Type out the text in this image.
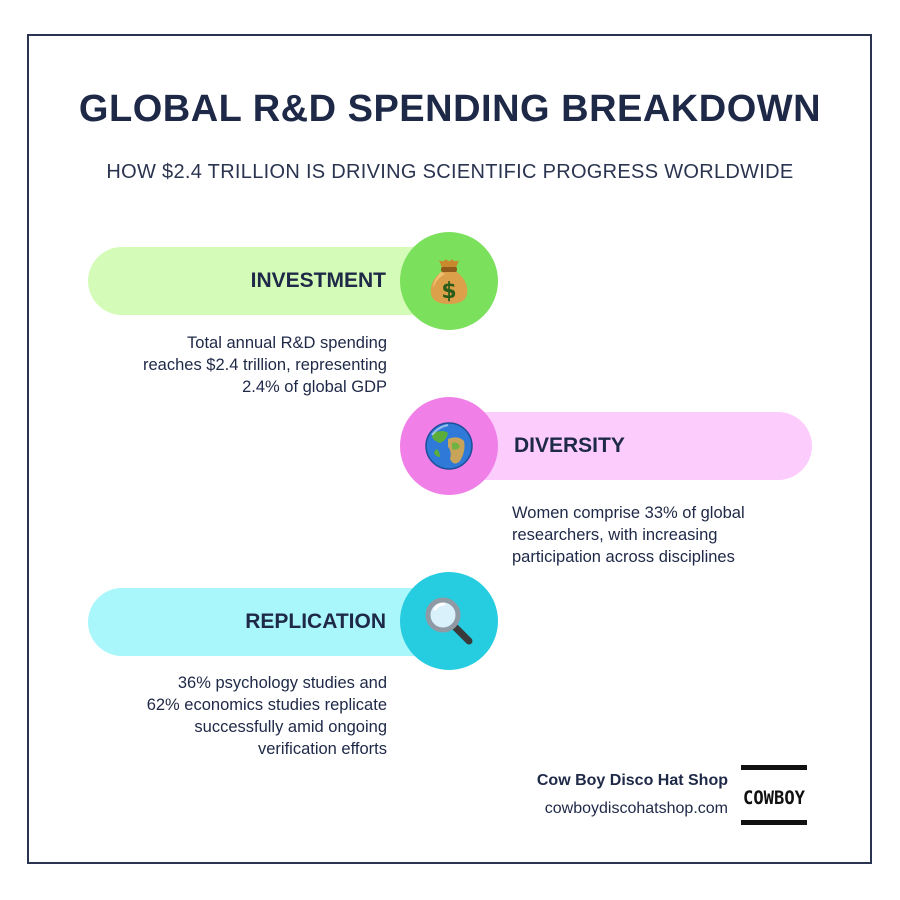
GLOBAL R&D SPENDING BREAKDOWN
HOW $2.4 TRILLION IS DRIVING SCIENTIFIC PROGRESS WORLDWIDE
INVESTMENT	$
Total annual R&D spending
reaches $2.4 trillion, representing
2.4% of global GDP
DIVERSITY
Women comprise 33% of global
researchers, with increasing
participation across disciplines
REPLICATION
36% psychology studies and
62% economics studies replicate
successfully amid ongoing
verification efforts
Cow Boy Disco Hat Shop
cowboydiscohatshop.com COWBOY
